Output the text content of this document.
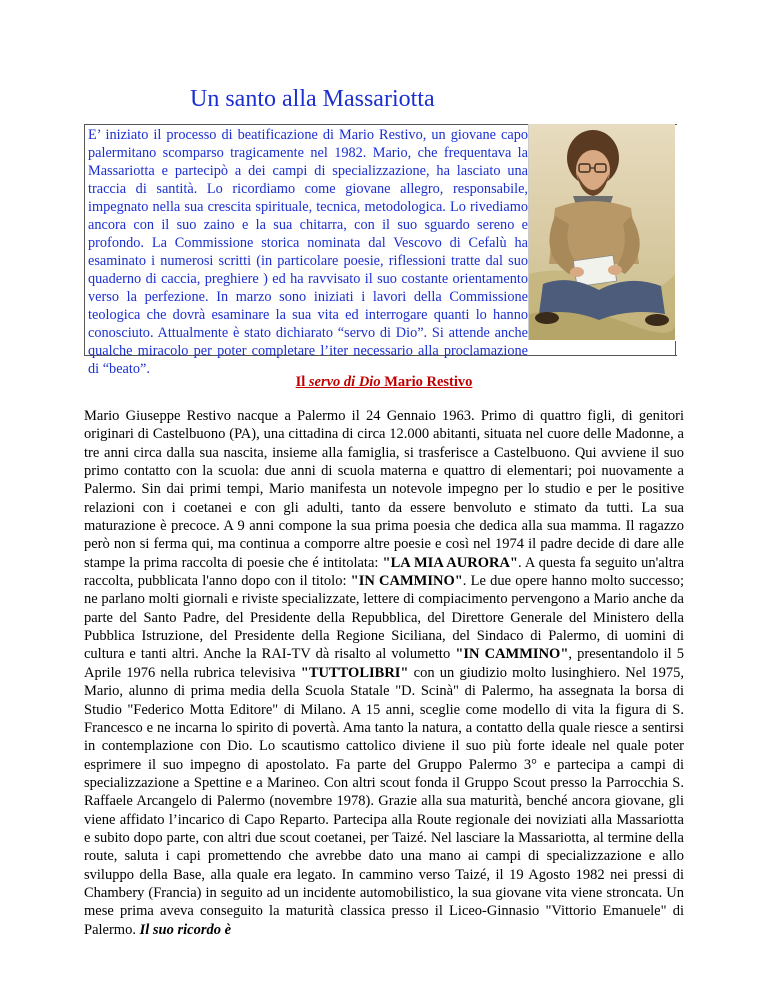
Un santo alla Massariotta
E’ iniziato il processo di beatificazione di Mario Restivo, un giovane capo palermitano scomparso tragicamente nel 1982. Mario, che frequentava la Massariotta e partecipò a dei campi di specializzazione, ha lasciato una traccia di santità. Lo ricordiamo come giovane allegro, responsabile, impegnato nella sua crescita spirituale, tecnica, metodologica. Lo rivediamo ancora con il suo zaino e la sua chitarra, con il suo sguardo sereno e profondo. La Commissione storica nominata dal Vescovo di Cefalù ha esaminato i numerosi scritti (in particolare poesie, riflessioni tratte dal suo quaderno di caccia, preghiere ) ed ha ravvisato il suo costante orientamento verso la perfezione. In marzo sono iniziati i lavori della Commissione teologica che dovrà esaminare la sua vita ed interrogare quanti lo hanno conosciuto. Attualmente è stato dichiarato “servo di Dio”. Si attende anche qualche miracolo per poter completare l’iter necessario alla proclamazione di “beato”.
Il servo di Dio Mario Restivo
Mario Giuseppe Restivo nacque a Palermo il 24 Gennaio 1963. Primo di quattro figli, di genitori originari di Castelbuono (PA), una cittadina di circa 12.000 abitanti, situata nel cuore delle Madonne, a tre anni circa dalla sua nascita, insieme alla famiglia, si trasferisce a Castelbuono. Qui avviene il suo primo contatto con la scuola: due anni di scuola materna e quattro di elementari; poi nuovamente a Palermo. Sin dai primi tempi, Mario manifesta un notevole impegno per lo studio e per le positive relazioni con i coetanei e con gli adulti, tanto da essere benvoluto e stimato da tutti. La sua maturazione è precoce. A 9 anni compone la sua prima poesia che dedica alla sua mamma. Il ragazzo però non si ferma qui, ma continua a comporre altre poesie e così nel 1974 il padre decide di dare alle stampe la prima raccolta di poesie che é intitolata: "LA MIA AURORA". A questa fa seguito un'altra raccolta, pubblicata l'anno dopo con il titolo: "IN CAMMINO". Le due opere hanno molto successo; ne parlano molti giornali e riviste specializzate, lettere di compiacimento pervengono a Mario anche da parte del Santo Padre, del Presidente della Repubblica, del Direttore Generale del Ministero della Pubblica Istruzione, del Presidente della Regione Siciliana, del Sindaco di Palermo, di uomini di cultura e tanti altri. Anche la RAI-TV dà risalto al volumetto "IN CAMMINO", presentandolo il 5 Aprile 1976 nella rubrica televisiva "TUTTOLIBRI" con un giudizio molto lusinghiero. Nel 1975, Mario, alunno di prima media della Scuola Statale "D. Scinà" di Palermo, ha assegnata la borsa di Studio "Federico Motta Editore" di Milano. A 15 anni, sceglie come modello di vita la figura di S. Francesco e ne incarna lo spirito di povertà. Ama tanto la natura, a contatto della quale riesce a sentirsi in contemplazione con Dio. Lo scautismo cattolico diviene il suo più forte ideale nel quale poter esprimere il suo impegno di apostolato. Fa parte del Gruppo Palermo 3° e partecipa a campi di specializzazione a Spettine e a Marineo. Con altri scout fonda il Gruppo Scout presso la Parrocchia S. Raffaele Arcangelo di Palermo (novembre 1978). Grazie alla sua maturità, benché ancora giovane, gli viene affidato l’incarico di Capo Reparto. Partecipa alla Route regionale dei noviziati alla Massariotta e subito dopo parte, con altri due scout coetanei, per Taizé. Nel lasciare la Massariotta, al termine della route, saluta i capi promettendo che avrebbe dato una mano ai campi di specializzazione e allo sviluppo della Base, alla quale era legato. In cammino verso Taizé, il 19 Agosto 1982 nei pressi di Chambery (Francia) in seguito ad un incidente automobilistico, la sua giovane vita viene stroncata. Un mese prima aveva conseguito la maturità classica presso il Liceo-Ginnasio "Vittorio Emanuele" di Palermo. Il suo ricordo è
